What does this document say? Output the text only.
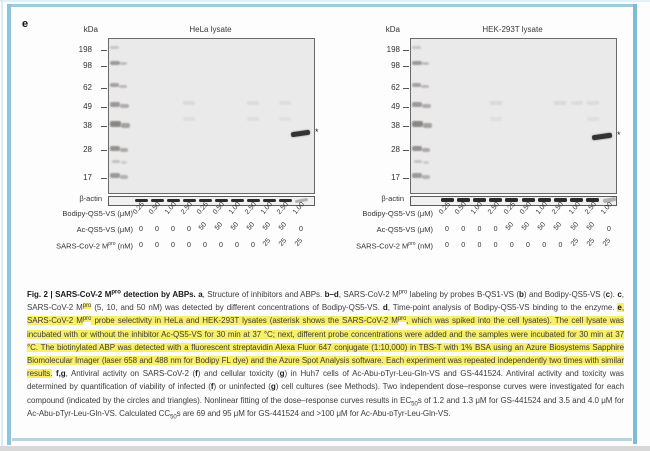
e	kDa	HeLa lysate
β-actin
*
198
98
62
49
38
28
17
Bodipy-QS5-VS (μM)
0.25 0.50 1.00 2.50 0.25 0.50 1.00 2.50 1.00 2.50 1.00
Ac-QS5-VS (μM) 0	0	0	0 50 50 50 50 50 50	0
SARS-CoV-2 $M^{pro}$ (nM) 0	0	0	0	0	0	0	0 25 25 25
kDa	HEK-293T lysate
β-actin
*
198
98
62
49
38
28
17
Bodipy-QS5-VS (μM) 0.25 0.50 1.00 2.50 0.25 0.50 1.00 2.50 1.00 2.50 1.00
Ac-QS5-VS (μM)	0	0	0	0	50 50 50 50 50 50	0
SARS-CoV-2 $M^{pro}$ (nM)	0	0	0	0	0	0	0	0	25 25 25
Fig. 2 | SARS-CoV-2 $M^{pro}$ detection by ABPs. a, Structure of inhibitors and ABPs. b–d, SARS-CoV-2 $M^{pro}$ labeling by probes B-QS1-VS (b) and Bodipy-QS5-VS (c). c, SARS-CoV-2 $M^{pro}$ (5, 10, and 50 nM) was detected by different concentrations of Bodipy-QS5-VS. d, Time-point analysis of Bodipy-QS5-VS binding to the enzyme. e, SARS-CoV-2 $M^{pro}$ probe selectivity in HeLa and HEK-293T lysates (asterisk shows the SARS-CoV-2 $M^{pro}$, which was spiked into the cell lysates). The cell lysate was incubated with or without the inhibitor Ac-QS5-VS for 30 min at 37 °C; next, different probe concentrations were added and the samples were incubated for 30 min at 37 °C. The biotinylated ABP was detected with a fluorescent streptavidin Alexa Fluor 647 conjugate (1:10,000) in TBS-T with 1% BSA using an Azure Biosystems Sapphire Biomolecular Imager (laser 658 and 488 nm for Bodipy FL dye) and the Azure Spot Analysis software. Each experiment was repeated independently two times with similar results. f,g, Antiviral activity on SARS-CoV-2 (f) and cellular toxicity (g) in Huh7 cells of Ac-Abu-ᴅTyr-Leu-Gln-VS and GS-441524. Antiviral activity and toxicity was determined by quantification of viability of infected (f) or uninfected (g) cell cultures (see Methods). Two independent dose–response curves were investigated for each compound (indicated by the circles and triangles). Nonlinear fitting of the dose–response curves results in $EC_{50}s$ of 1.2 and 1.3 μM for GS-441524 and 3.5 and 4.0 μM for Ac-Abu-ᴅTyr-Leu-Gln-VS. Calculated $CC_{50}s$ are 69 and 95 μM for GS-441524 and >100 μM for Ac-Abu-ᴅTyr-Leu-Gln-VS.
